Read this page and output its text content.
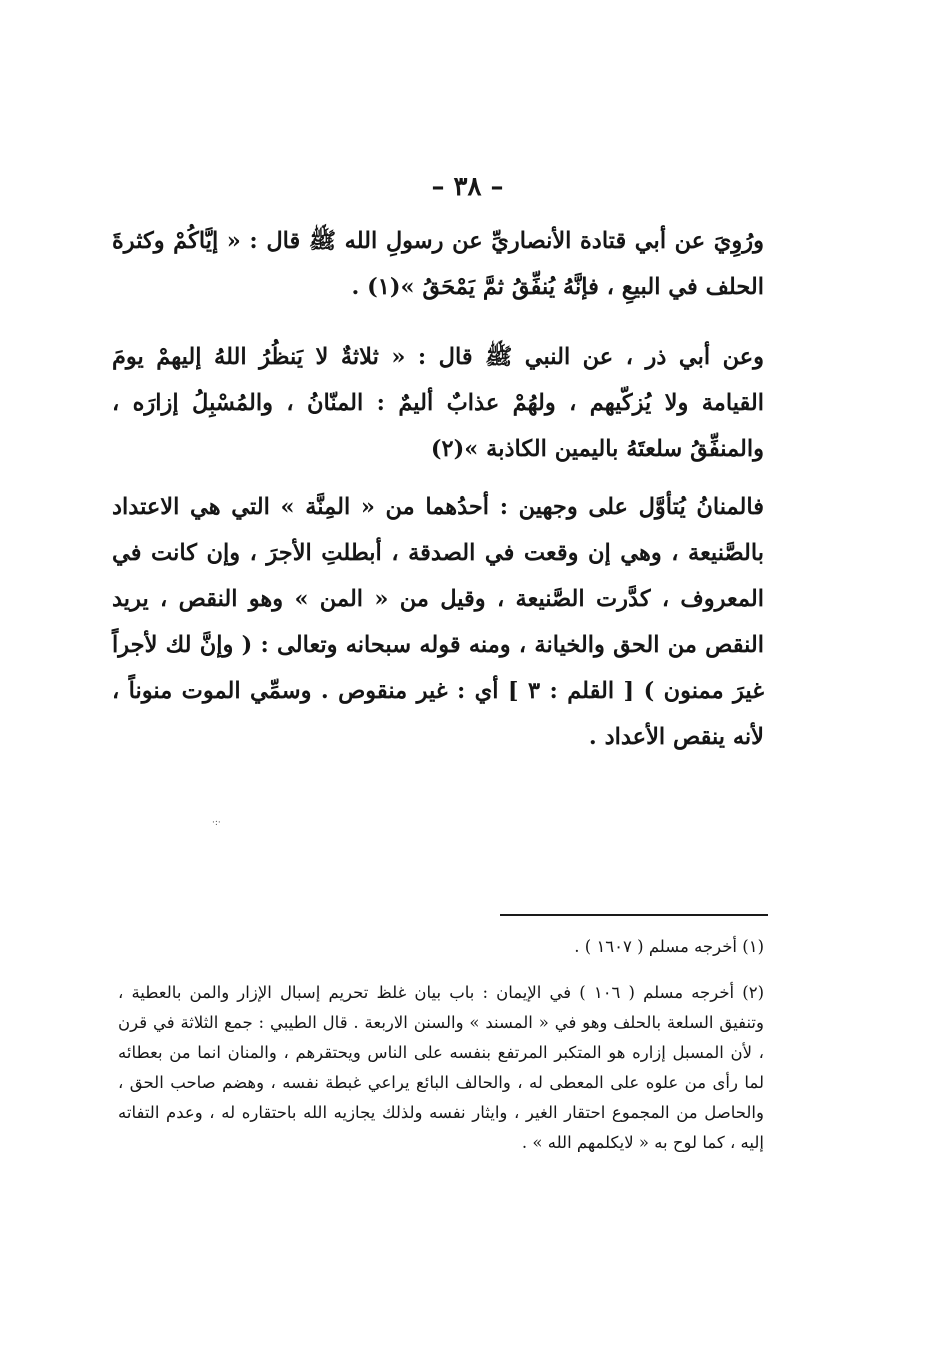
– ٣٨ –

ورُوِيَ عن أبي قتادة الأنصاريِّ عن رسولِ الله ﷺ قال : « إيَّاكُمْ وكثرةَ الحلف في البيعِ ، فإنَّهُ يُنفِّقُ ثمَّ يَمْحَقُ »(١) .

وعن أبي ذر ، عن النبي ﷺ قال : « ثلاثةٌ لا يَنظُرُ اللهُ إليهمْ يومَ القيامة ولا يُزكّيهم ، ولهُمْ عذابٌ أليمٌ : المنّانُ ، والمُسْبِلُ إزارَه ، والمنفِّقُ سلعتَهُ باليمين الكاذبة »(٢)

فالمنانُ يُتأوَّل على وجهين : أحدُهما من « المِنَّة » التي هي الاعتداد بالصَّنيعة ، وهي إن وقعت في الصدقة ، أبطلتِ الأجرَ ، وإن كانت في المعروف ، كدَّرت الصَّنيعة ، وقيل من « المن » وهو النقص ، يريد النقص من الحق والخيانة ، ومنه قوله سبحانه وتعالى : ( وإنَّ لك لأجراً غيرَ ممنون ) [ القلم : ٣ ] أي : غير منقوص . وسمِّي الموت منوناً ، لأنه ينقص الأعداد .

·:·

(١) أخرجه مسلم ( ١٦٠٧ ) .

(٢) أخرجه مسلم ( ١٠٦ ) في الإيمان : باب بيان غلظ تحريم إسبال الإزار والمن بالعطية ، وتنفيق السلعة بالحلف وهو في « المسند » والسنن الاربعة . قال الطيبي : جمع الثلاثة في قرن ، لأن المسبل إزاره هو المتكبر المرتفع بنفسه على الناس ويحتقرهم ، والمنان انما من بعطائه لما رأى من علوه على المعطى له ، والحالف البائع يراعي غبطة نفسه ، وهضم صاحب الحق ، والحاصل من المجموع احتقار الغير ، وايثار نفسه ولذلك يجازيه الله باحتقاره له ، وعدم التفاته إليه ، كما لوح به « لايكلمهم الله » .
